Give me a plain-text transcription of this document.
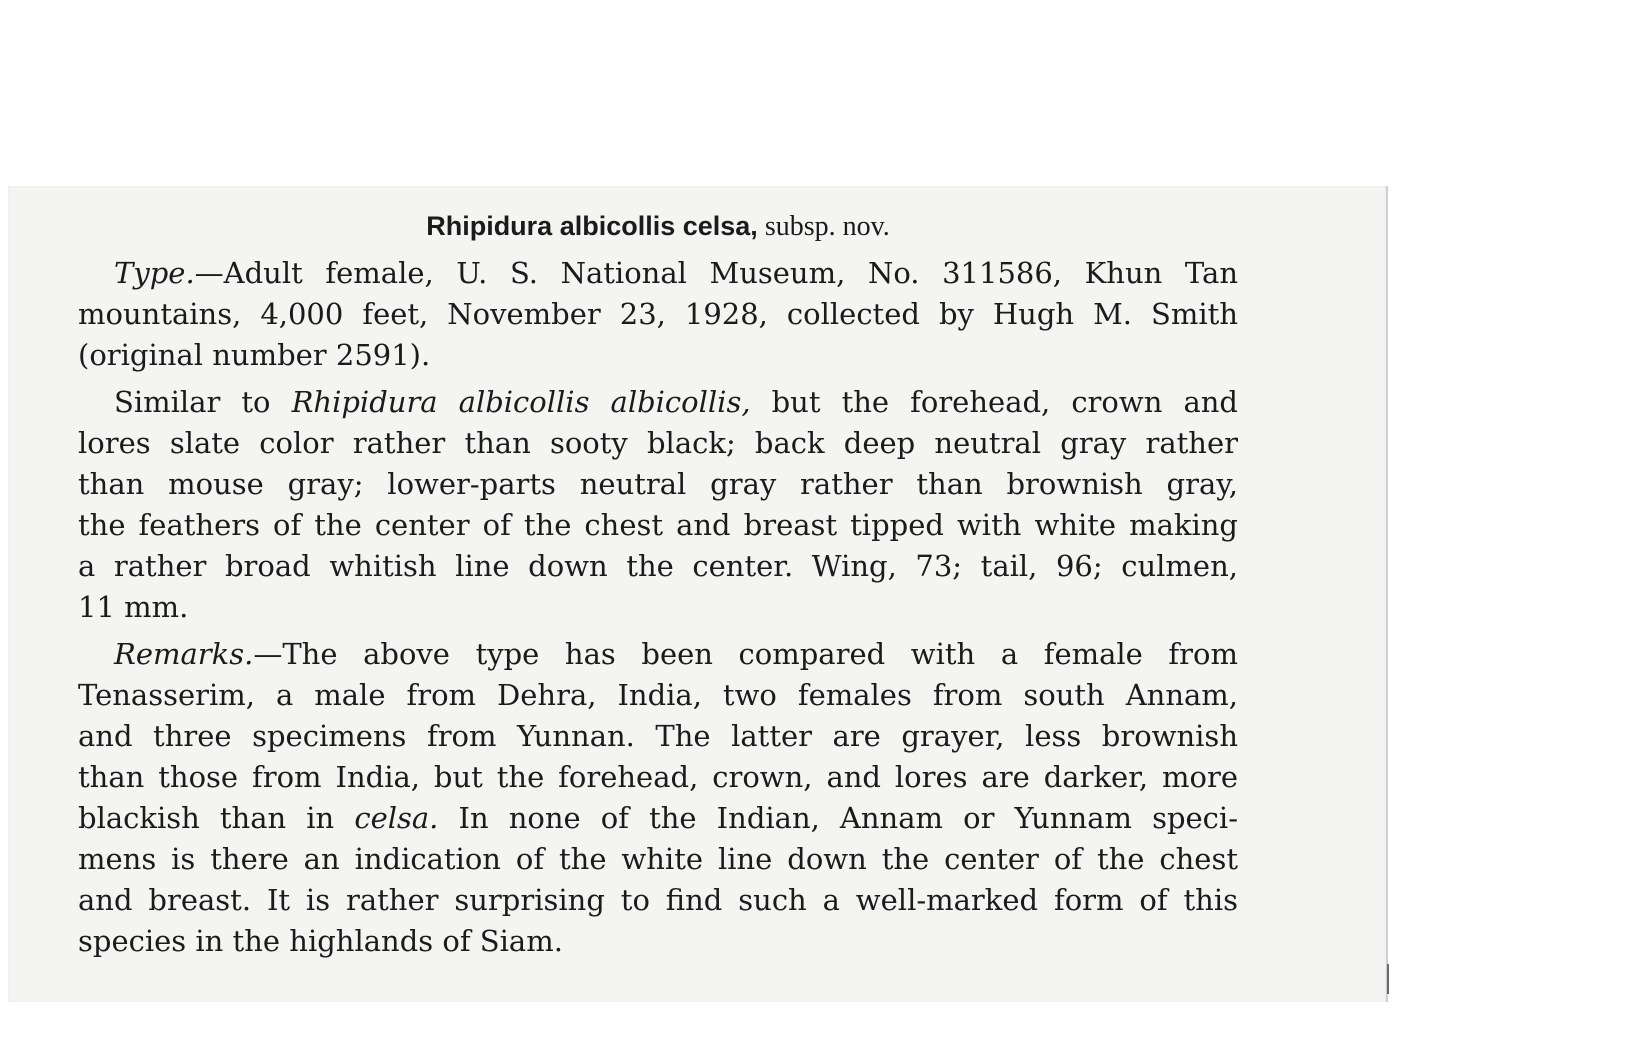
Rhipidura albicollis celsa, subsp. nov.
Type.—Adult female, U. S. National Museum, No. 311586, Khun Tan
mountains, 4,000 feet, November 23, 1928, collected by Hugh M. Smith
(original number 2591).
Similar to Rhipidura albicollis albicollis, but the forehead, crown and
lores slate color rather than sooty black; back deep neutral gray rather
than mouse gray; lower-parts neutral gray rather than brownish gray,
the feathers of the center of the chest and breast tipped with white making
a rather broad whitish line down the center. Wing, 73; tail, 96; culmen,
11 mm.
Remarks.—The above type has been compared with a female from
Tenasserim, a male from Dehra, India, two females from south Annam,
and three specimens from Yunnan. The latter are grayer, less brownish
than those from India, but the forehead, crown, and lores are darker, more
blackish than in celsa. In none of the Indian, Annam or Yunnam speci-
mens is there an indication of the white line down the center of the chest
and breast. It is rather surprising to find such a well-marked form of this
species in the highlands of Siam.
